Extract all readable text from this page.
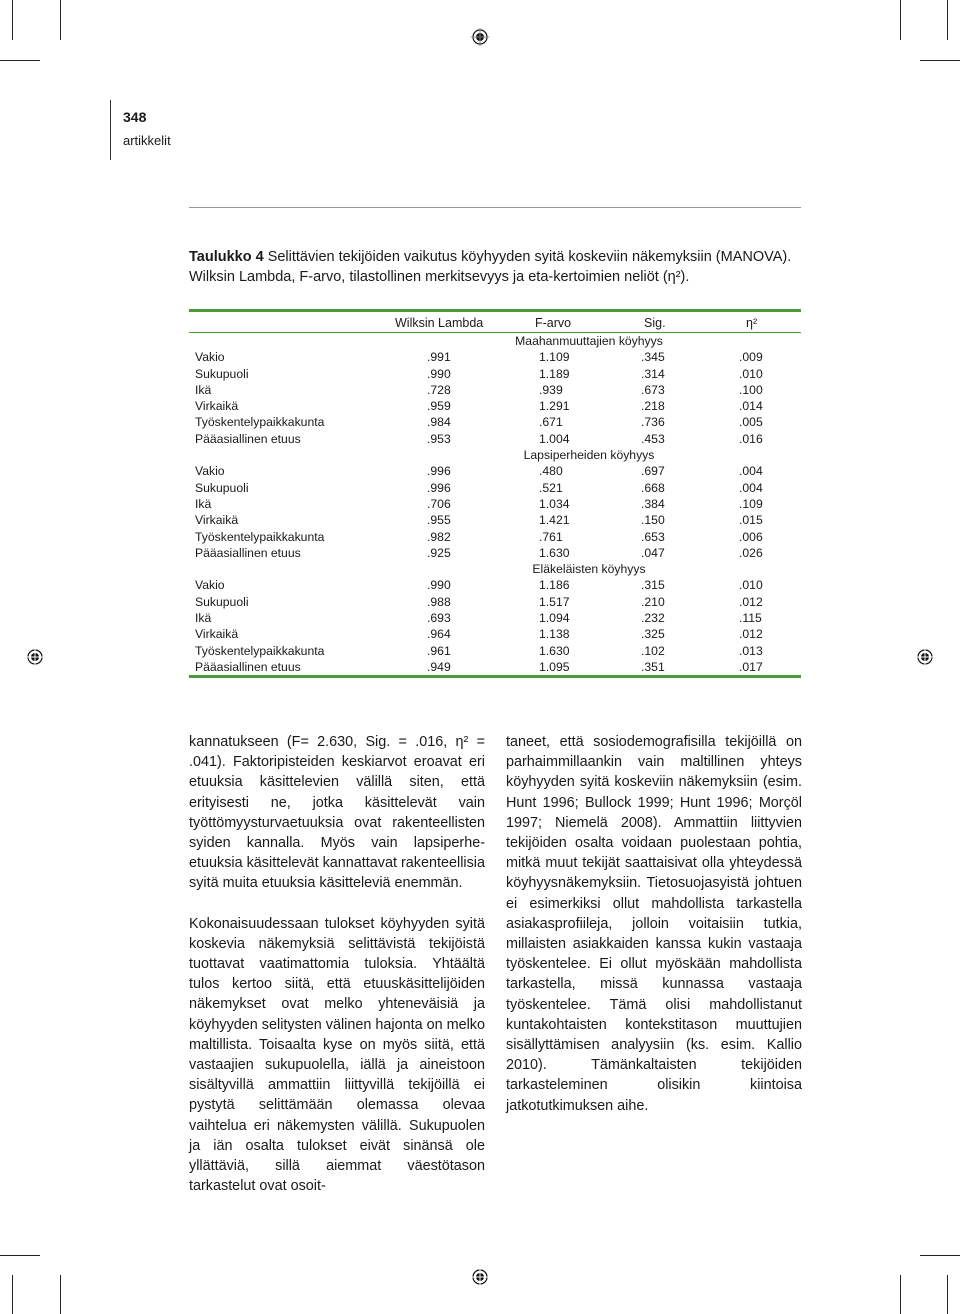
348
artikkelit
Taulukko 4 Selittävien tekijöiden vaikutus köyhyyden syitä koskeviin näkemyksiin (MANOVA). Wilksin Lambda, F-arvo, tilastollinen merkitsevyys ja eta-kertoimien neliöt (η²).
Wilksin Lambda	F-arvo	Sig.	η²
Maahanmuuttajien köyhyys
Vakio	.991	1.109	.345	.009
Sukupuoli	.990	1.189	.314	.010
Ikä	.728	.939	.673	.100
Virkaikä	.959	1.291	.218	.014
Työskentelypaikkakunta	.984	.671	.736	.005
Pääasiallinen etuus	.953	1.004	.453	.016
Lapsiperheiden köyhyys
Vakio	.996	.480	.697	.004
Sukupuoli	.996	.521	.668	.004
Ikä	.706	1.034	.384	.109
Virkaikä	.955	1.421	.150	.015
Työskentelypaikkakunta	.982	.761	.653	.006
Pääasiallinen etuus	.925	1.630	.047	.026
Eläkeläisten köyhyys
Vakio	.990	1.186	.315	.010
Sukupuoli	.988	1.517	.210	.012
Ikä	.693	1.094	.232	.115
Virkaikä	.964	1.138	.325	.012
Työskentelypaikkakunta	.961	1.630	.102	.013
Pääasiallinen etuus	.949	1.095	.351	.017

kannatukseen (F= 2.630, Sig. = .016, η² = .041). Faktoripisteiden keskiarvot eroavat eri etuuksia käsittelevien välillä siten, että erityisesti ne, jotka käsittelevät vain työttömyysturvaetuuksia ovat rakenteellisten syiden kannalla. Myös vain lapsiperhe-etuuksia käsittelevät kannattavat rakenteellisia syitä muita etuuksia käsitteleviä enemmän.

Kokonaisuudessaan tulokset köyhyyden syitä koskevia näkemyksiä selittävistä tekijöistä tuottavat vaatimattomia tuloksia. Yhtäältä tulos kertoo siitä, että etuuskäsittelijöiden näkemykset ovat melko yhteneväisiä ja köyhyyden selitysten välinen hajonta on melko maltillista. Toisaalta kyse on myös siitä, että vastaajien sukupuolella, iällä ja aineistoon sisältyvillä ammattiin liittyvillä tekijöillä ei pystytä selittämään olemassa olevaa vaihtelua eri näkemysten välillä. Sukupuolen ja iän osalta tulokset eivät sinänsä ole yllättäviä, sillä aiemmat väestötason tarkastelut ovat osoit-

taneet, että sosiodemografisilla tekijöillä on parhaimmillaankin vain maltillinen yhteys köyhyyden syitä koskeviin näkemyksiin (esim. Hunt 1996; Bullock 1999; Hunt 1996; Morçöl 1997; Niemelä 2008). Ammattiin liittyvien tekijöiden osalta voidaan puolestaan pohtia, mitkä muut tekijät saattaisivat olla yhteydessä köyhyysnäkemyksiin. Tietosuojasyistä johtuen ei esimerkiksi ollut mahdollista tarkastella asiakasprofiileja, jolloin voitaisiin tutkia, millaisten asiakkaiden kanssa kukin vastaaja työskentelee. Ei ollut myöskään mahdollista tarkastella, missä kunnassa vastaaja työskentelee. Tämä olisi mahdollistanut kuntakohtaisten kontekstitason muuttujien sisällyttämisen analyysiin (ks. esim. Kallio 2010). Tämänkaltaisten tekijöiden tarkasteleminen olisikin kiintoisa jatkotutkimuksen aihe.
